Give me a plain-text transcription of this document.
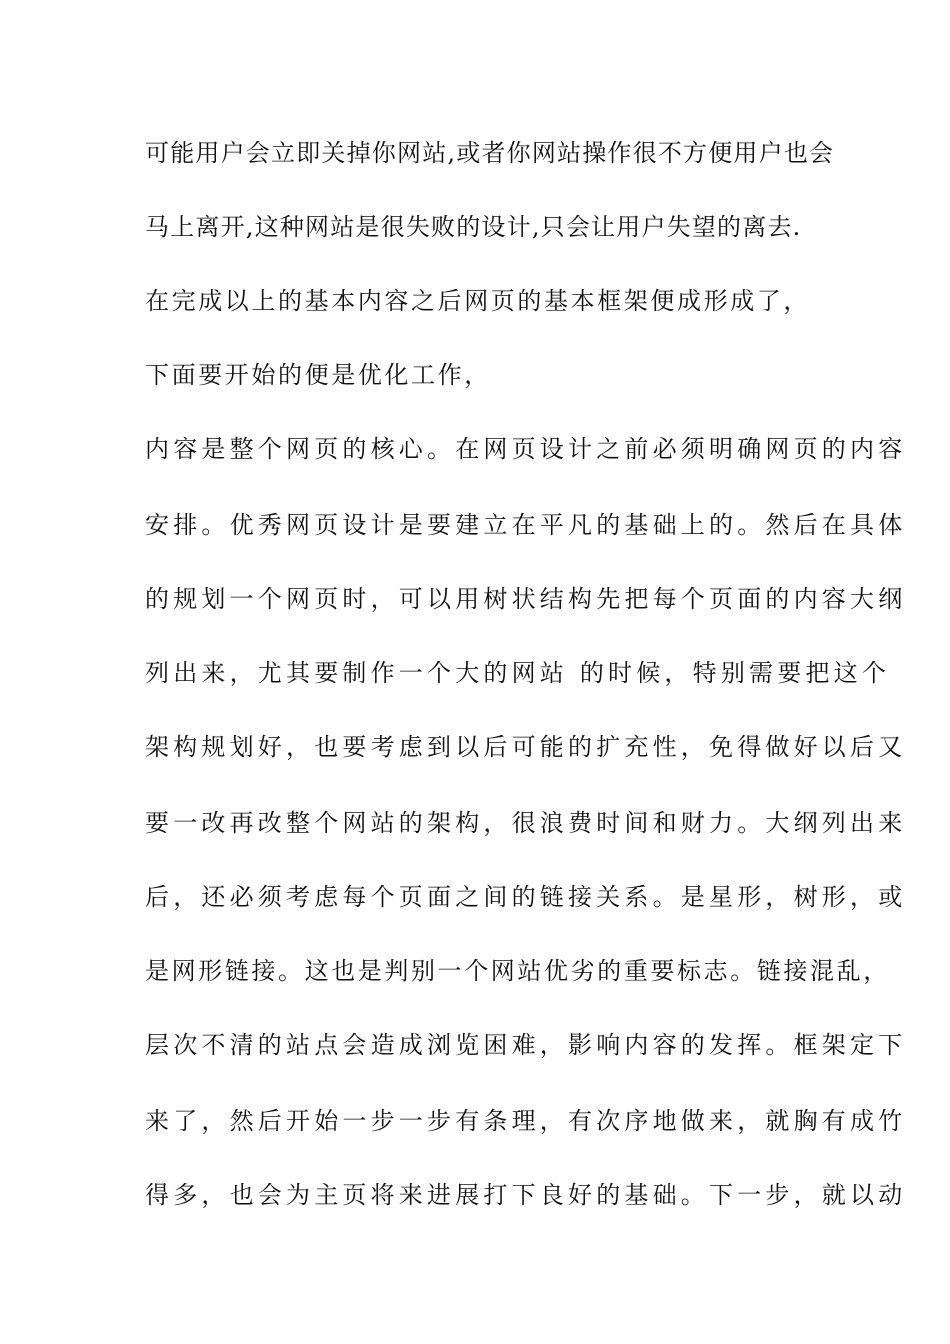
可能用户会立即关掉你网站,或者你网站操作很不方便用户也会

马上离开,这种网站是很失败的设计,只会让用户失望的离去.

在完成以上的基本内容之后网页的基本框架便成形成了，

下面要开始的便是优化工作，

内容是整个网页的核心。在网页设计之前必须明确网页的内容

安排。优秀网页设计是要建立在平凡的基础上的。然后在具体

的规划一个网页时，可以用树状结构先把每个页面的内容大纲

列出来，尤其要制作一个大的网站 的时候，特别需要把这个

架构规划好，也要考虑到以后可能的扩充性，免得做好以后又

要一改再改整个网站的架构，很浪费时间和财力。大纲列出来

后，还必须考虑每个页面之间的链接关系。是星形，树形，或

是网形链接。这也是判别一个网站优劣的重要标志。链接混乱，

层次不清的站点会造成浏览困难，影响内容的发挥。框架定下

来了，然后开始一步一步有条理，有次序地做来，就胸有成竹

得多，也会为主页将来进展打下良好的基础。下一步，就以动
